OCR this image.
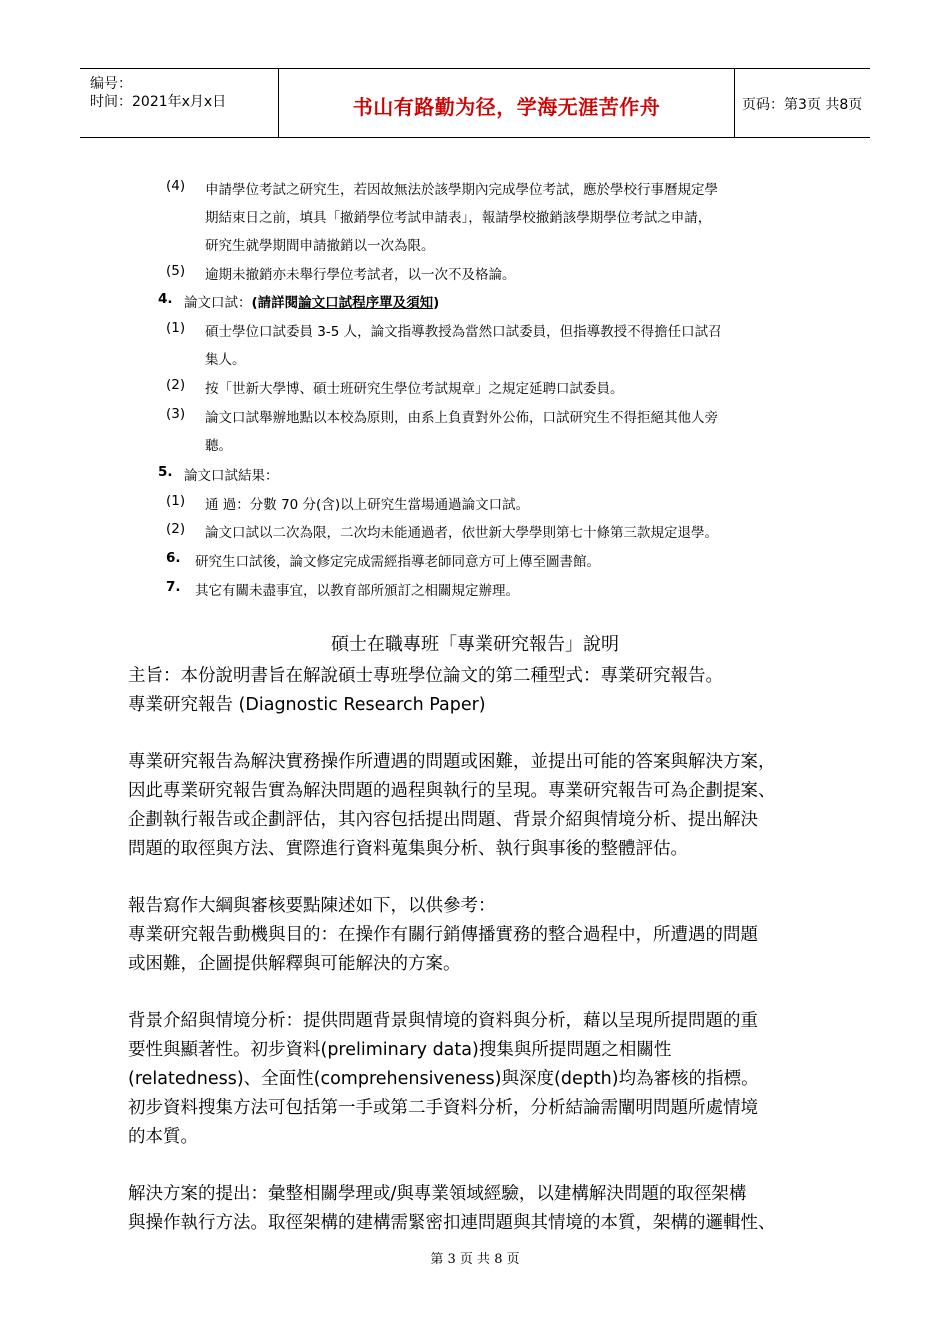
编号：
时间：2021年x月x日	书山有路勤为径，学海无涯苦作舟	页码：第3页 共8页
(4) 申請學位考試之研究生，若因故無法於該學期內完成學位考試，應於學校行事曆規定學
期結束日之前，填具「撤銷學位考試申請表」，報請學校撤銷該學期學位考試之申請，
研究生就學期間申請撤銷以一次為限。
(5) 逾期未撤銷亦未舉行學位考試者，以一次不及格論。
4. 論文口試：(請詳閱論文口試程序單及須知)
(1) 碩士學位口試委員 3-5 人，論文指導教授為當然口試委員，但指導教授不得擔任口試召
集人。
(2) 按「世新大學博、碩士班研究生學位考試規章」之規定延聘口試委員。
(3) 論文口試舉辦地點以本校為原則，由系上負責對外公佈，口試研究生不得拒絕其他人旁
聽。
5. 論文口試結果：
(1) 通 過：分數 70 分(含)以上研究生當場通過論文口試。
(2) 論文口試以二次為限，二次均未能通過者，依世新大學學則第七十條第三款規定退學。
6. 研究生口試後，論文修定完成需經指導老師同意方可上傳至圖書館。
7. 其它有關未盡事宜，以教育部所頒訂之相關規定辦理。
碩士在職專班「專業研究報告」說明
主旨：本份說明書旨在解說碩士專班學位論文的第二種型式：專業研究報告。
專業研究報告 (Diagnostic Research Paper)
專業研究報告為解決實務操作所遭遇的問題或困難，並提出可能的答案與解決方案，
因此專業研究報告實為解決問題的過程與執行的呈現。專業研究報告可為企劃提案、
企劃執行報告或企劃評估，其內容包括提出問題、背景介紹與情境分析、提出解決
問題的取徑與方法、實際進行資料蒐集與分析、執行與事後的整體評估。
報告寫作大綱與審核要點陳述如下，以供參考：
專業研究報告動機與目的：在操作有關行銷傳播實務的整合過程中，所遭遇的問題
或困難，企圖提供解釋與可能解決的方案。
背景介紹與情境分析：提供問題背景與情境的資料與分析，藉以呈現所提問題的重
要性與顯著性。初步資料(preliminary data)搜集與所提問題之相關性
(relatedness)、全面性(comprehensiveness)與深度(depth)均為審核的指標。
初步資料搜集方法可包括第一手或第二手資料分析，分析結論需闡明問題所處情境
的本質。
解決方案的提出：彙整相關學理或/與專業領域經驗，以建構解決問題的取徑架構
與操作執行方法。取徑架構的建構需緊密扣連問題與其情境的本質，架構的邏輯性、
第 3 页 共 8 页
